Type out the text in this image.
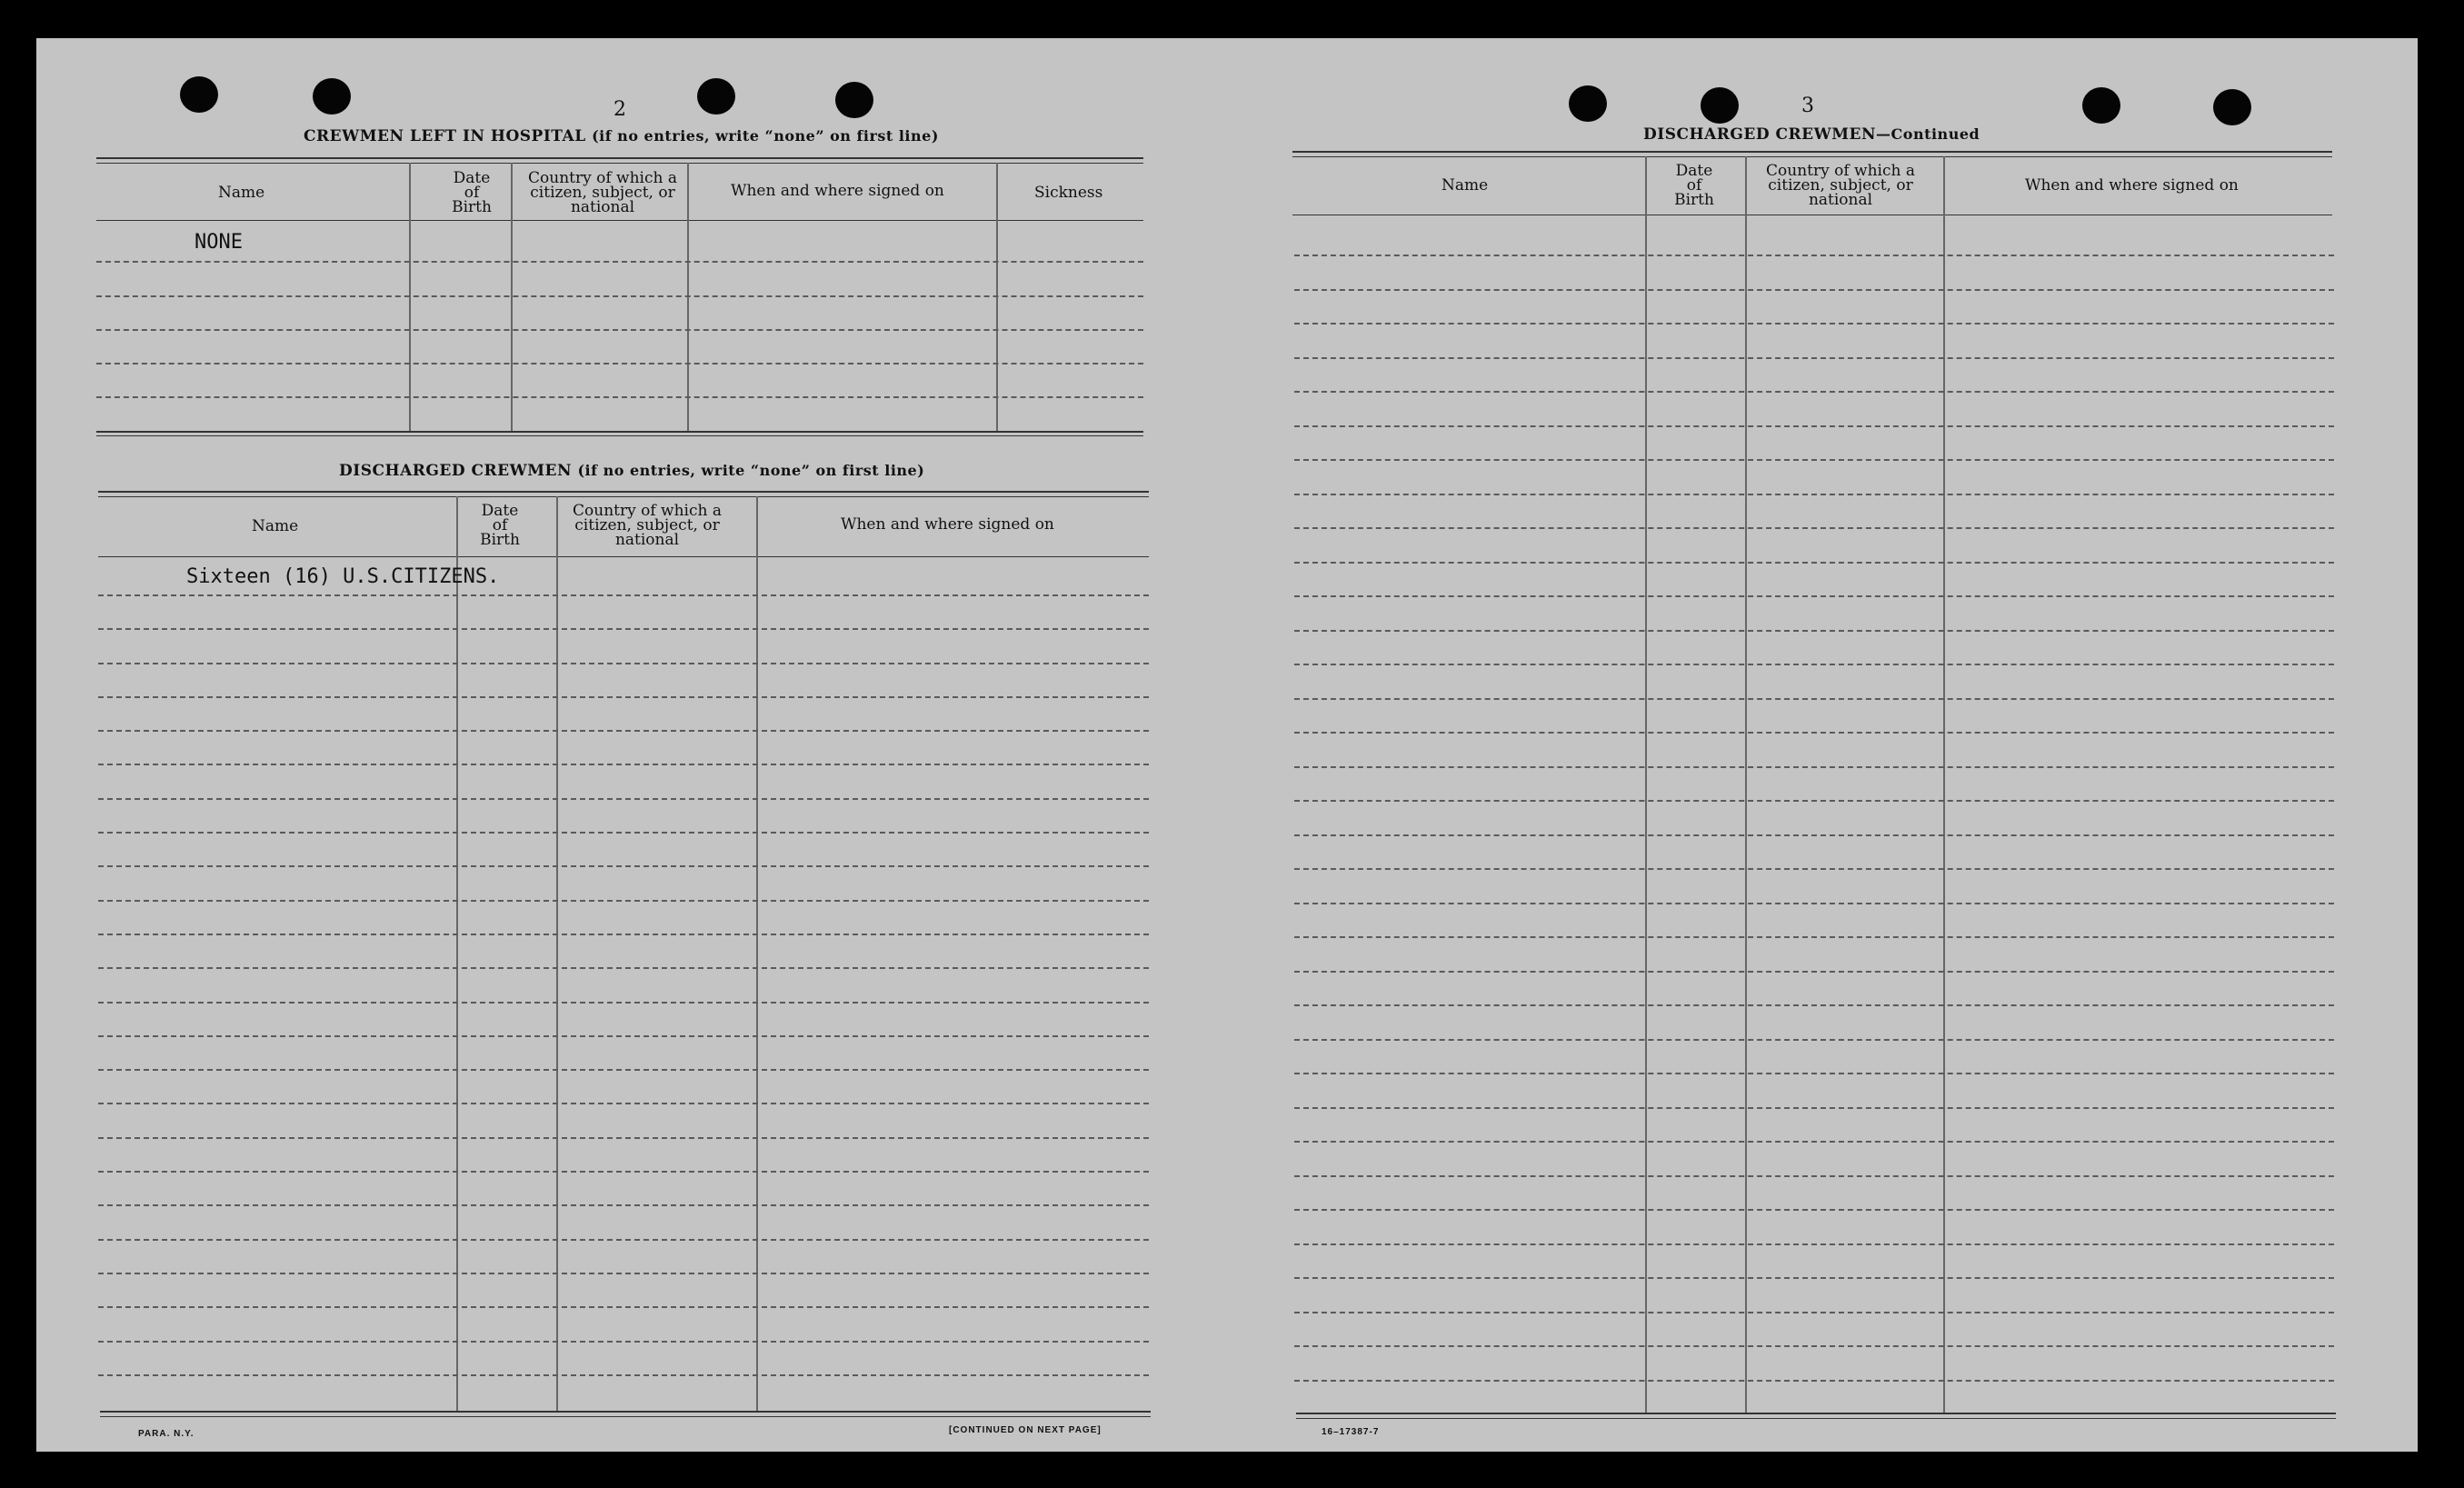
2
CREWMEN LEFT IN HOSPITAL (if no entries, write “none” on first line)
Name
Date
of
Birth
Country of which a
citizen, subject, or
national
When and where signed on	Sickness
NONE
DISCHARGED CREWMEN (if no entries, write “none” on first line)
Name
Date
of
Birth
Country of which a
citizen, subject, or
national
When and where signed on
Sixteen (16) U.S.CITIZENS.
PARA. N.Y.	[CONTINUED ON NEXT PAGE]
3
DISCHARGED CREWMEN—Continued
Name
Date
of
Birth
Country of which a
citizen, subject, or
national
When and where signed on
16–17387-7
